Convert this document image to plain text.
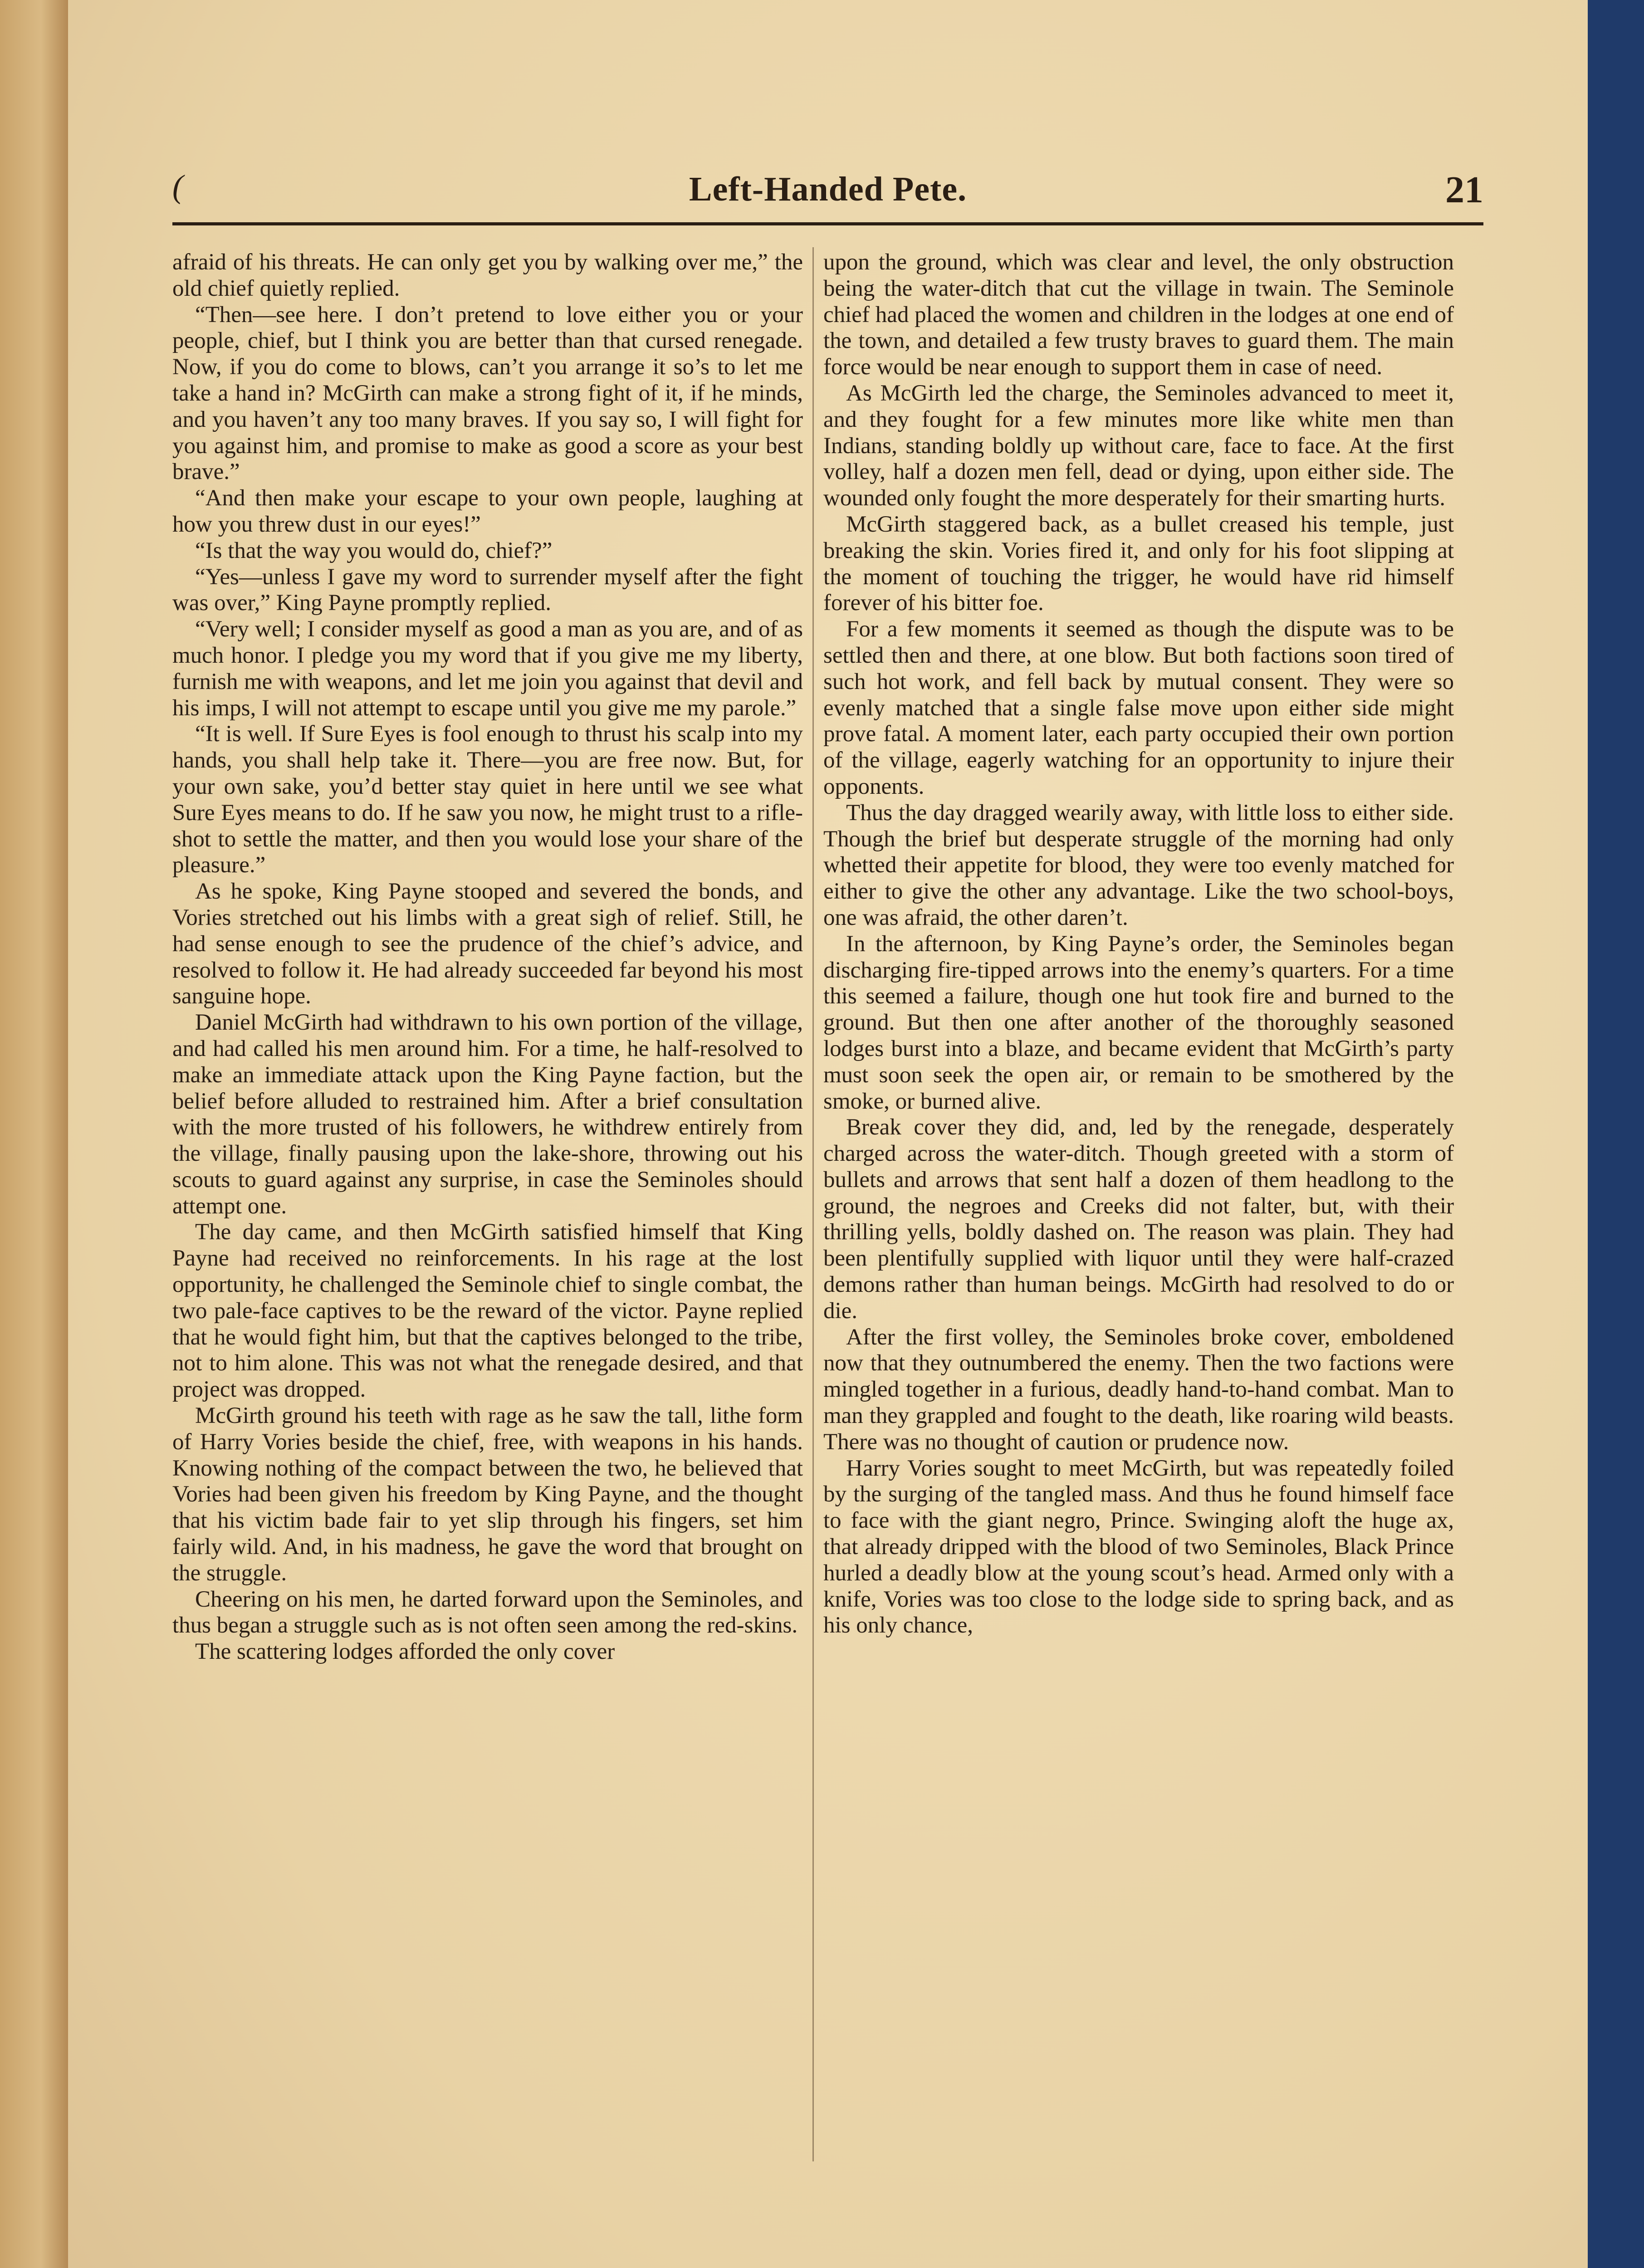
(	Left-Handed Pete.	21

afraid of his threats. He can only get you by walking over me,” the old chief quietly replied.

“Then—see here. I don’t pretend to love either you or your people, chief, but I think you are better than that cursed renegade. Now, if you do come to blows, can’t you arrange it so’s to let me take a hand in? McGirth can make a strong fight of it, if he minds, and you haven’t any too many braves. If you say so, I will fight for you against him, and promise to make as good a score as your best brave.”

“And then make your escape to your own people, laughing at how you threw dust in our eyes!”

“Is that the way you would do, chief?”

“Yes—unless I gave my word to surrender myself after the fight was over,” King Payne promptly replied.

“Very well; I consider myself as good a man as you are, and of as much honor. I pledge you my word that if you give me my liberty, furnish me with weapons, and let me join you against that devil and his imps, I will not attempt to escape until you give me my parole.”

“It is well. If Sure Eyes is fool enough to thrust his scalp into my hands, you shall help take it. There—you are free now. But, for your own sake, you’d better stay quiet in here until we see what Sure Eyes means to do. If he saw you now, he might trust to a rifle-shot to settle the matter, and then you would lose your share of the pleasure.”

As he spoke, King Payne stooped and severed the bonds, and Vories stretched out his limbs with a great sigh of relief. Still, he had sense enough to see the prudence of the chief’s advice, and resolved to follow it. He had already succeeded far beyond his most sanguine hope.

Daniel McGirth had withdrawn to his own portion of the village, and had called his men around him. For a time, he half-resolved to make an immediate attack upon the King Payne faction, but the belief before alluded to restrained him. After a brief consultation with the more trusted of his followers, he withdrew entirely from the village, finally pausing upon the lake-shore, throwing out his scouts to guard against any surprise, in case the Seminoles should attempt one.

The day came, and then McGirth satisfied himself that King Payne had received no reinforcements. In his rage at the lost opportunity, he challenged the Seminole chief to single combat, the two pale-face captives to be the reward of the victor. Payne replied that he would fight him, but that the captives belonged to the tribe, not to him alone. This was not what the renegade desired, and that project was dropped.

McGirth ground his teeth with rage as he saw the tall, lithe form of Harry Vories beside the chief, free, with weapons in his hands. Knowing nothing of the compact between the two, he believed that Vories had been given his freedom by King Payne, and the thought that his victim bade fair to yet slip through his fingers, set him fairly wild. And, in his madness, he gave the word that brought on the struggle.

Cheering on his men, he darted forward upon the Seminoles, and thus began a struggle such as is not often seen among the red-skins.

The scattering lodges afforded the only cover

upon the ground, which was clear and level, the only obstruction being the water-ditch that cut the village in twain. The Seminole chief had placed the women and children in the lodges at one end of the town, and detailed a few trusty braves to guard them. The main force would be near enough to support them in case of need.

As McGirth led the charge, the Seminoles advanced to meet it, and they fought for a few minutes more like white men than Indians, standing boldly up without care, face to face. At the first volley, half a dozen men fell, dead or dying, upon either side. The wounded only fought the more desperately for their smarting hurts.

McGirth staggered back, as a bullet creased his temple, just breaking the skin. Vories fired it, and only for his foot slipping at the moment of touching the trigger, he would have rid himself forever of his bitter foe.

For a few moments it seemed as though the dispute was to be settled then and there, at one blow. But both factions soon tired of such hot work, and fell back by mutual consent. They were so evenly matched that a single false move upon either side might prove fatal. A moment later, each party occupied their own portion of the village, eagerly watching for an opportunity to injure their opponents.

Thus the day dragged wearily away, with little loss to either side. Though the brief but desperate struggle of the morning had only whetted their appetite for blood, they were too evenly matched for either to give the other any advantage. Like the two school-boys, one was afraid, the other daren’t.

In the afternoon, by King Payne’s order, the Seminoles began discharging fire-tipped arrows into the enemy’s quarters. For a time this seemed a failure, though one hut took fire and burned to the ground. But then one after another of the thoroughly seasoned lodges burst into a blaze, and became evident that McGirth’s party must soon seek the open air, or remain to be smothered by the smoke, or burned alive.

Break cover they did, and, led by the renegade, desperately charged across the water-ditch. Though greeted with a storm of bullets and arrows that sent half a dozen of them headlong to the ground, the negroes and Creeks did not falter, but, with their thrilling yells, boldly dashed on. The reason was plain. They had been plentifully supplied with liquor until they were half-crazed demons rather than human beings. McGirth had resolved to do or die.

After the first volley, the Seminoles broke cover, emboldened now that they outnumbered the enemy. Then the two factions were mingled together in a furious, deadly hand-to-hand combat. Man to man they grappled and fought to the death, like roaring wild beasts. There was no thought of caution or prudence now.

Harry Vories sought to meet McGirth, but was repeatedly foiled by the surging of the tangled mass. And thus he found himself face to face with the giant negro, Prince. Swinging aloft the huge ax, that already dripped with the blood of two Seminoles, Black Prince hurled a deadly blow at the young scout’s head. Armed only with a knife, Vories was too close to the lodge side to spring back, and as his only chance,
